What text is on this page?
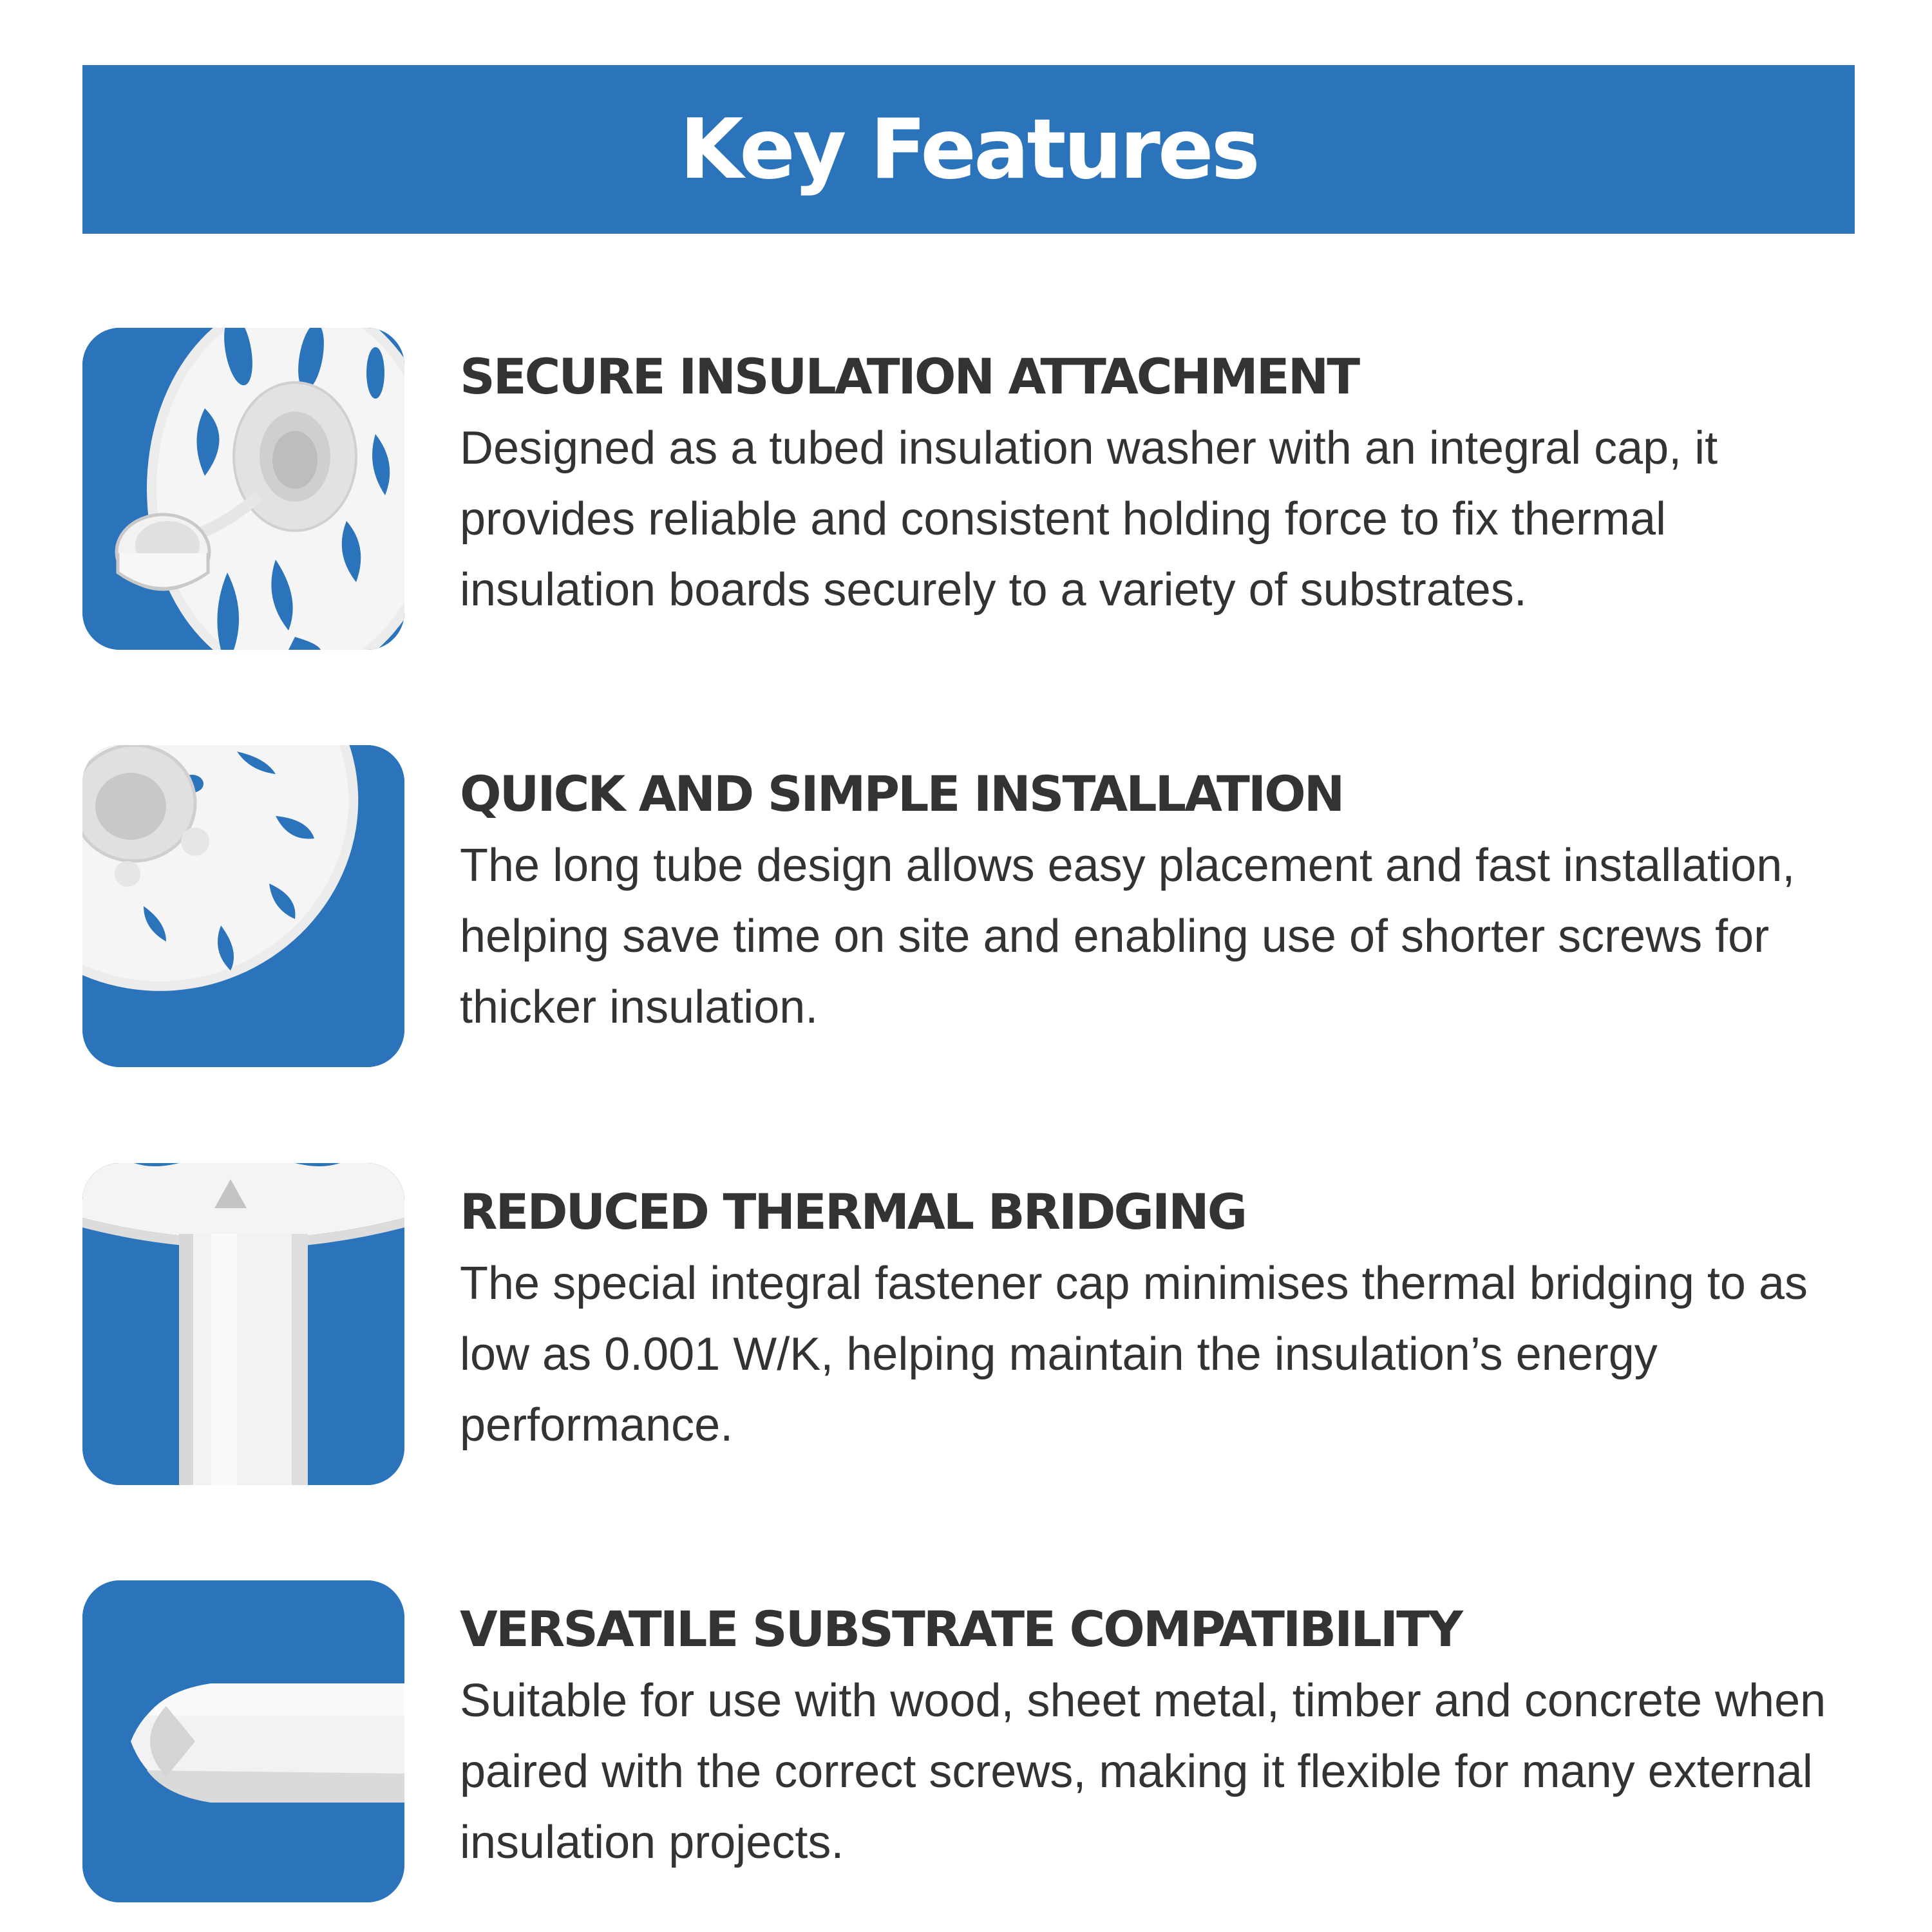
Key Features
SECURE INSULATION ATTACHMENT

Designed as a tubed insulation washer with an integral cap, it provides reliable and consistent holding force to fix thermal insulation boards securely to a variety of substrates.

QUICK AND SIMPLE INSTALLATION

The long tube design allows easy placement and fast installation, helping save time on site and enabling use of shorter screws for thicker insulation.

REDUCED THERMAL BRIDGING

The special integral fastener cap minimises thermal bridging to as low as 0.001 W/K, helping maintain the insulation’s energy performance.

VERSATILE SUBSTRATE COMPATIBILITY

Suitable for use with wood, sheet metal, timber and concrete when paired with the correct screws, making it flexible for many external insulation projects.
